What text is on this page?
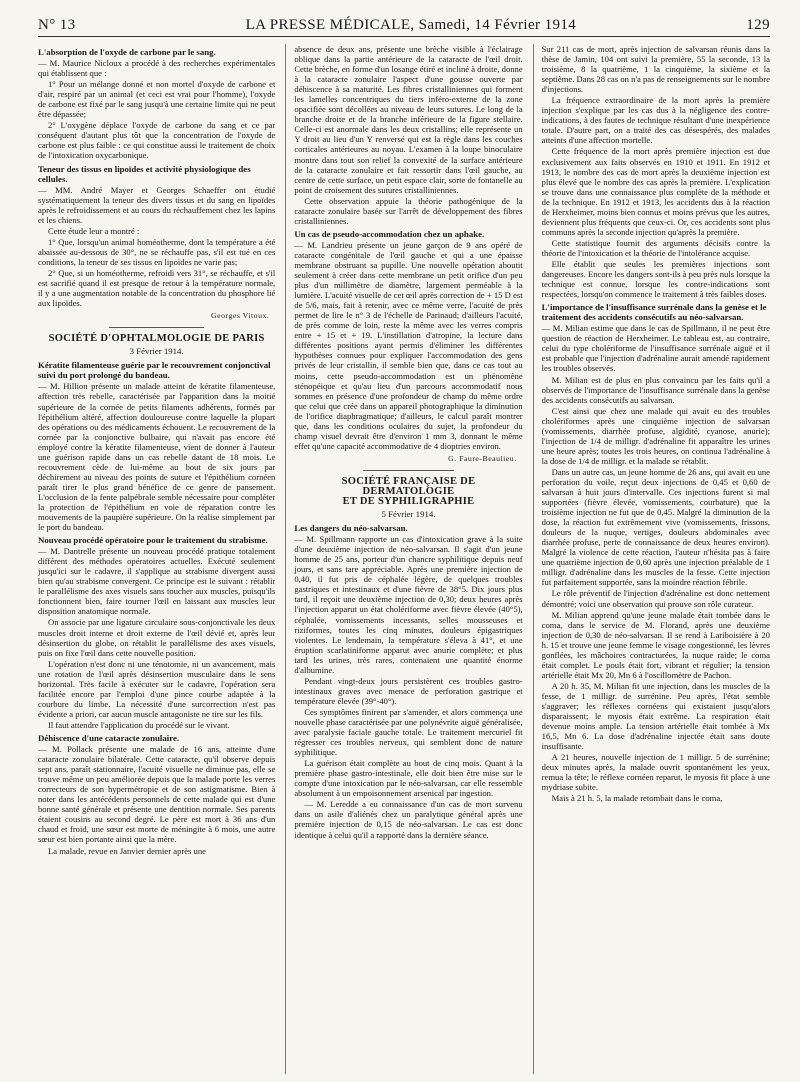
N° 13	LA PRESSE MÉDICALE, Samedi, 14 Février 1914	129
L'absorption de l'oxyde de carbone par le sang.

— M. Maurice Nicloux a procédé à des recherches expérimentales qui établissent que :

1° Pour un mélange donné et non mortel d'oxyde de carbone et d'air, respiré par un animal (et ceci est vrai pour l'homme), l'oxyde de carbone est fixé par le sang jusqu'à une certaine limite qui ne peut être dépassée;

2° L'oxygène déplace l'oxyde de carbone du sang et ce par conséquent d'autant plus tôt que la concentration de l'oxyde de carbone est plus faible : ce qui constitue aussi le traitement de choix de l'intoxication oxycarbonique.

Teneur des tissus en lipoïdes et activité physiologique des cellules.

— MM. André Mayer et Georges Schaeffer ont étudié systématiquement la teneur des divers tissus et du sang en lipoïdes après le refroidissement et au cours du réchauffement chez les lapins et les chiens.

Cette étude leur a montré :

1° Que, lorsqu'un animal homéotherme, dont la température a été abaissée au-dessous de 30°, ne se réchauffe pas, s'il est tué en ces conditions, la teneur de ses tissus en lipoïdes ne varie pas;

2° Que, si un homéotherme, refroidi vers 31°, se réchauffe, et s'il est sacrifié quand il est presque de retour à la température normale, il y a une augmentation notable de la concentration du phosphore lié aux lipoïdes.

Georges Vitoux.
SOCIÉTÉ D'OPHTALMOLOGIE DE PARIS
3 Février 1914.
Kératite filamenteuse guérie par le recouvrement conjonctival suivi du port prolongé du bandeau.

— M. Hillion présente un malade atteint de kératite filamenteuse, affection très rebelle, caractérisée par l'apparition dans la moitié supérieure de la cornée de petits filaments adhérents, formés par l'épithélium altéré, affection douloureuse contre laquelle la plupart des opérations ou des médicaments échouent. Le recouvrement de la cornée par la conjonctive bulbaire, qui n'avait pas encore été employé contre la kératite filamenteuse, vient de donner à l'auteur une guérison rapide dans un cas rebelle datant de 18 mois. Le recouvrement cède de lui-même au bout de six jours par déchirement au niveau des points de suture et l'épithélium cornéen paraît tirer le plus grand bénéfice de ce genre de pansement. L'occlusion de la fente palpébrale semble nécessaire pour compléter la protection de l'épithélium en voie de réparation contre les mouvements de la paupière supérieure. On la réalise simplement par le port du bandeau.

Nouveau procédé opératoire pour le traitement du strabisme.

— M. Dantrelle présente un nouveau procédé pratique totalement différent des méthodes opératoires actuelles. Exécuté seulement jusqu'ici sur le cadavre, il s'applique au strabisme divergent aussi bien qu'au strabisme convergent. Ce principe est le suivant : rétablir le parallélisme des axes visuels sans toucher aux muscles, puisqu'ils fonctionnent bien, faire tourner l'œil en laissant aux muscles leur disposition anatomique normale.

On associe par une ligature circulaire sous-conjonctivale les deux muscles droit interne et droit externe de l'œil dévié et, après leur désinsertion du globe, on rétablit le parallélisme des axes visuels, puis on fixe l'œil dans cette nouvelle position.

L'opération n'est donc ni une ténotomie, ni un avancement, mais une rotation de l'œil après désinsertion musculaire dans le sens horizontal. Très facile à exécuter sur le cadavre, l'opération sera facilitée encore par l'emploi d'une pince courbe adaptée à la courbure du limbe. La nécessité d'une surcorrection n'est pas évidente a priori, car aucun muscle antagoniste ne tire sur les fils.

Il faut attendre l'application du procédé sur le vivant.

Déhiscence d'une cataracte zonulaire.

— M. Pollack présente une malade de 16 ans, atteinte d'une cataracte zonulaire bilatérale. Cette cataracte, qu'il observe depuis sept ans, paraît stationnaire, l'acuité visuelle ne diminue pas, elle se trouve même un peu améliorée depuis que la malade porte les verres correcteurs de son hypermétropie et de son astigmatisme. Bien à noter dans les antécédents personnels de cette malade qui est d'une bonne santé générale et présente une dentition normale. Ses parents étaient cousins au second degré. Le père est mort à 36 ans d'un chaud et froid, une sœur est morte de méningite à 6 mois, une autre sœur est bien portante ainsi que la mère.

La malade, revue en Janvier dernier après une

absence de deux ans, présente une brèche visible à l'éclairage oblique dans la partie antérieure de la cataracte de l'œil droit. Cette brèche, en forme d'un losange étiré et incliné à droite, donne à la cataracte zonulaire l'aspect d'une gousse ouverte par déhiscence à sa maturité. Les fibres cristalliniennes qui forment les lamelles concentriques du tiers inféro-externe de la zone opacifiée sont décollées au niveau de leurs sutures. Le long de la branche droite et de la branche inférieure de la figure stellaire. Celle-ci est anormale dans les deux cristallins; elle représente un Y droit au lieu d'un Y renversé qui est la règle dans les couches corticales antérieures au noyau. L'examen à la loupe binoculaire montre dans tout son relief la convexité de la surface antérieure de la cataracte zonulaire et fait ressortir dans l'œil gauche, au centre de cette surface, un petit espace clair, sorte de fontanelle au point de croisement des sutures cristalliniennes.

Cette observation appuie la théorie pathogénique de la cataracte zonulaire basée sur l'arrêt de développement des fibres cristalliniennes.

Un cas de pseudo-accommodation chez un aphake.

— M. Landrieu présente un jeune garçon de 9 ans opéré de cataracte congénitale de l'œil gauche et qui a une épaisse membrane obstruant sa pupille. Une nouvelle opération aboutit seulement à créer dans cette membrane un petit orifice d'un peu plus d'un millimètre de diamètre, largement perméable à la lumière. L'acuité visuelle de cet œil après correction de + 15 D est de 5/6, mais, fait à retenir, avec ce même verre, l'acuité de près permet de lire le n° 3 de l'échelle de Parinaud; d'ailleurs l'acuité, de près comme de loin, reste la même avec les verres compris entre + 15 et + 19. L'instillation d'atropine, la lecture dans différentes positions ayant permis d'éliminer les différentes hypothèses connues pour expliquer l'accommodation des gens privés de leur cristallin, il semble bien que, dans ce cas tout au moins, cette pseudo-accommodation est un phénomène sténopéique et qu'au lieu d'un parcours accommodatif nous sommes en présence d'une profondeur de champ du même ordre que celui que crée dans un appareil photographique la diminution de l'orifice diaphragmatique; d'ailleurs, le calcul paraît montrer que, dans les conditions oculaires du sujet, la profondeur du champ visuel devrait être d'environ 1 mm 3, donnant le même effet qu'une capacité accommodative de 4 dioptries environ.

G. Faure-Beaulieu.
SOCIÉTÉ FRANÇAISE DE DERMATOLOGIE
ET DE SYPHILIGRAPHIE
5 Février 1914.
Les dangers du néo-salvarsan.

— M. Spillmann rapporte un cas d'intoxication grave à la suite d'une deuxième injection de néo-salvarsan. Il s'agit d'un jeune homme de 25 ans, porteur d'un chancre syphilitique depuis neuf jours, et sans tare appréciable. Après une première injection de 0,40, il fut pris de céphalée légère, de quelques troubles gastriques et intestinaux et d'une fièvre de 38°5. Dix jours plus tard, il reçoit une deuxième injection de 0,30; deux heures après l'injection apparut un état cholériforme avec fièvre élevée (40°5), céphalée, vomissements incessants, selles mousseuses et riziformes, toutes les cinq minutes, douleurs épigastriques violentes. Le lendemain, la température s'éleva à 41°, et une éruption scarlatiniforme apparut avec anurie complète; et plus tard les urines, très rares, contenaient une quantité énorme d'albumine.

Pendant vingt-deux jours persistèrent ces troubles gastro-intestinaux graves avec menace de perforation gastrique et température élevée (39°-40°).

Ces symptômes finirent par s'amender, et alors commença une nouvelle phase caractérisée par une polynévrite aiguë généralisée, avec paralysie faciale gauche totale. Le traitement mercuriel fit régresser ces troubles nerveux, qui semblent donc de nature syphilitique.

La guérison était complète au bout de cinq mois. Quant à la première phase gastro-intestinale, elle doit bien être mise sur le compte d'une intoxication par le néo-salvarsan, car elle ressemble absolument à un empoisonnement arsenical par ingestion.

— M. Leredde a eu connaissance d'un cas de mort survenu dans un asile d'aliénés chez un paralytique général après une première injection de 0,15 de néo-salvarsan. Le cas est donc identique à celui qu'il a rapporté dans la dernière séance.

Sur 211 cas de mort, après injection de salvarsan réunis dans la thèse de Jamin, 104 ont suivi la première, 55 la seconde, 13 la troisième, 8 la quatrième, 1 la cinquième, la sixième et la septième. Dans 28 cas on n'a pas de renseignements sur le nombre d'injections.

La fréquence extraordinaire de la mort après la première injection s'explique par les cas dus à la négligence des contre-indications, à des fautes de technique résultant d'une inexpérience totale. D'autre part, on a traité des cas désespérés, des malades atteints d'une affection mortelle.

Cette fréquence de la mort après première injection est due exclusivement aux faits observés en 1910 et 1911. En 1912 et 1913, le nombre des cas de mort après la deuxième injection est plus élevé que le nombre des cas après la première. L'explication se trouve dans une connaissance plus complète de la méthode et de la technique. En 1912 et 1913, les accidents dus à la réaction de Herxheimer, moins bien connus et moins prévus que les autres, deviennent plus fréquents que ceux-ci. Or, ces accidents sont plus communs après la seconde injection qu'après la première.

Cette statistique fournit des arguments décisifs contre la théorie de l'intoxication et la théorie de l'intolérance acquise.

Elle établit que seules les premières injections sont dangereuses. Encore les dangers sont-ils à peu près nuls lorsque la technique est connue, lorsque les contre-indications sont respectées, lorsqu'on commence le traitement à très faibles doses.

L'importance de l'insuffisance surrénale dans la genèse et le traitement des accidents consécutifs au néo-salvarsan.

— M. Milian estime que dans le cas de Spillmann, il ne peut être question de réaction de Herxheimer. Le tableau est, au contraire, celui du type cholériforme de l'insuffisance surrénale aiguë et il est probable que l'injection d'adrénaline aurait amendé rapidement les troubles observés.

M. Milian est de plus en plus convaincu par les faits qu'il a observés de l'importance de l'insuffisance surrénale dans la genèse des accidents consécutifs au salvarsan.

C'est ainsi que chez une malade qui avait eu des troubles cholériformes après une cinquième injection de salvarsan (vomissements, diarrhée profuse, algidité, cyanose, anurie); l'injection de 1/4 de milligr. d'adrénaline fit apparaître les urines une heure après; toutes les trois heures, on continua l'adrénaline à la dose de 1/4 de milligr. et la malade se rétablit.

Dans un autre cas, un jeune homme de 26 ans, qui avait eu une perforation du voile, reçut deux injections de 0,45 et 0,60 de salvarsan à huit jours d'intervalle. Ces injections furent si mal supportées (fièvre élevée, vomissements, courbature) que la troisième injection ne fut que de 0,45. Malgré la diminution de la dose, la réaction fut extrêmement vive (vomissements, frissons, douleurs de la nuque, vertiges, douleurs abdominales avec diarrhée profuse, perte de connaissance de deux heures environ). Malgré la violence de cette réaction, l'auteur n'hésita pas à faire une quatrième injection de 0,60 après une injection préalable de 1 milligr. d'adrénaline dans les muscles de la fesse. Cette injection fut parfaitement supportée, sans la moindre réaction fébrile.

Le rôle préventif de l'injection d'adrénaline est donc nettement démontré; voici une observation qui prouve son rôle curateur.

M. Milian apprend qu'une jeune malade était tombée dans le coma, dans le service de M. Florand, après une deuxième injection de 0,30 de néo-salvarsan. Il se rend à Lariboisière à 20 h. 15 et trouve une jeune femme le visage congestionné, les lèvres gonflées, les mâchoires contracturées, la nuque raide; le coma était complet. Le pouls était fort, vibrant et régulier; la tension artérielle était Mx 20, Mn 6 à l'oscillomètre de Pachon.

A 20 h. 35, M. Milian fit une injection, dans les muscles de la fesse, de 1 milligr. de surrénine. Peu après, l'état semble s'aggraver; les réflexes cornéens qui existaient jusqu'alors disparaissent; le myosis était extrême. La respiration était devenue moins ample. La tension artérielle était tombée à Mx 16,5, Mn 6. La dose d'adrénaline injectée était sans doute insuffisante.

A 21 heures, nouvelle injection de 1 milligr. 5 de surrénine; deux minutes après, la malade ouvrit spontanément les yeux, remua la tête; le réflexe cornéen reparut, le myosis fit place à une mydriase subite.

Mais à 21 h. 5, la malade retombait dans le coma,
